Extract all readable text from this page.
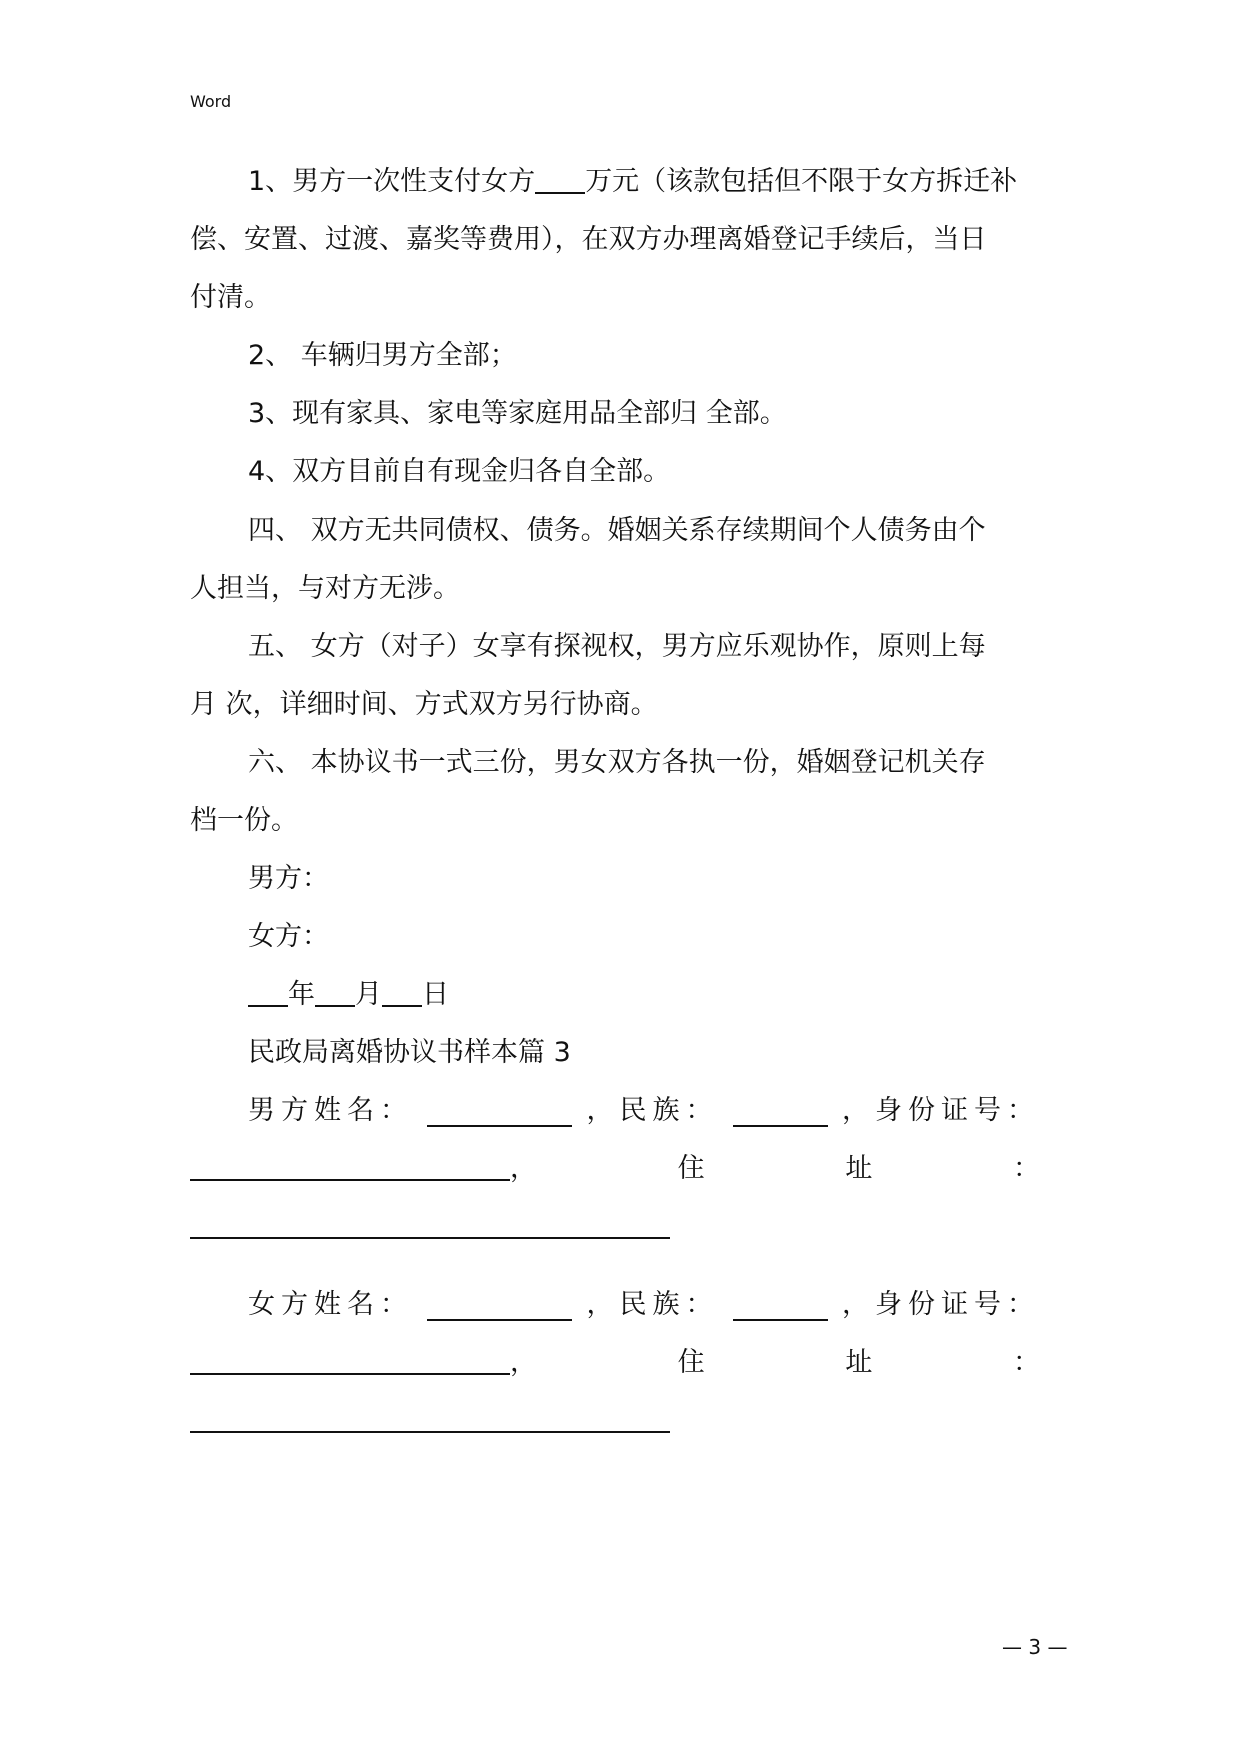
Word
1、男方一次性支付女方 万元（该款包括但不限于女方拆迁补
偿、安置、过渡、嘉奖等费用），在双方办理离婚登记手续后，当日
付清。
2、 车辆归男方全部；
3、现有家具、家电等家庭用品全部归 全部。
4、双方目前自有现金归各自全部。
四、 双方无共同债权、债务。婚姻关系存续期间个人债务由个
人担当，与对方无涉。
五、 女方（对子）女享有探视权，男方应乐观协作，原则上每
月 次，详细时间、方式双方另行协商。
六、 本协议书一式三份，男女双方各执一份，婚姻登记机关存
档一份。
男方：
女方：
年 月 日
民政局离婚协议书样本篇 3
男方姓名：	，民族：	，身份证号：
，	住	址	：
女方姓名：	，民族：	，身份证号：
，	住	址	：
— 3 —
